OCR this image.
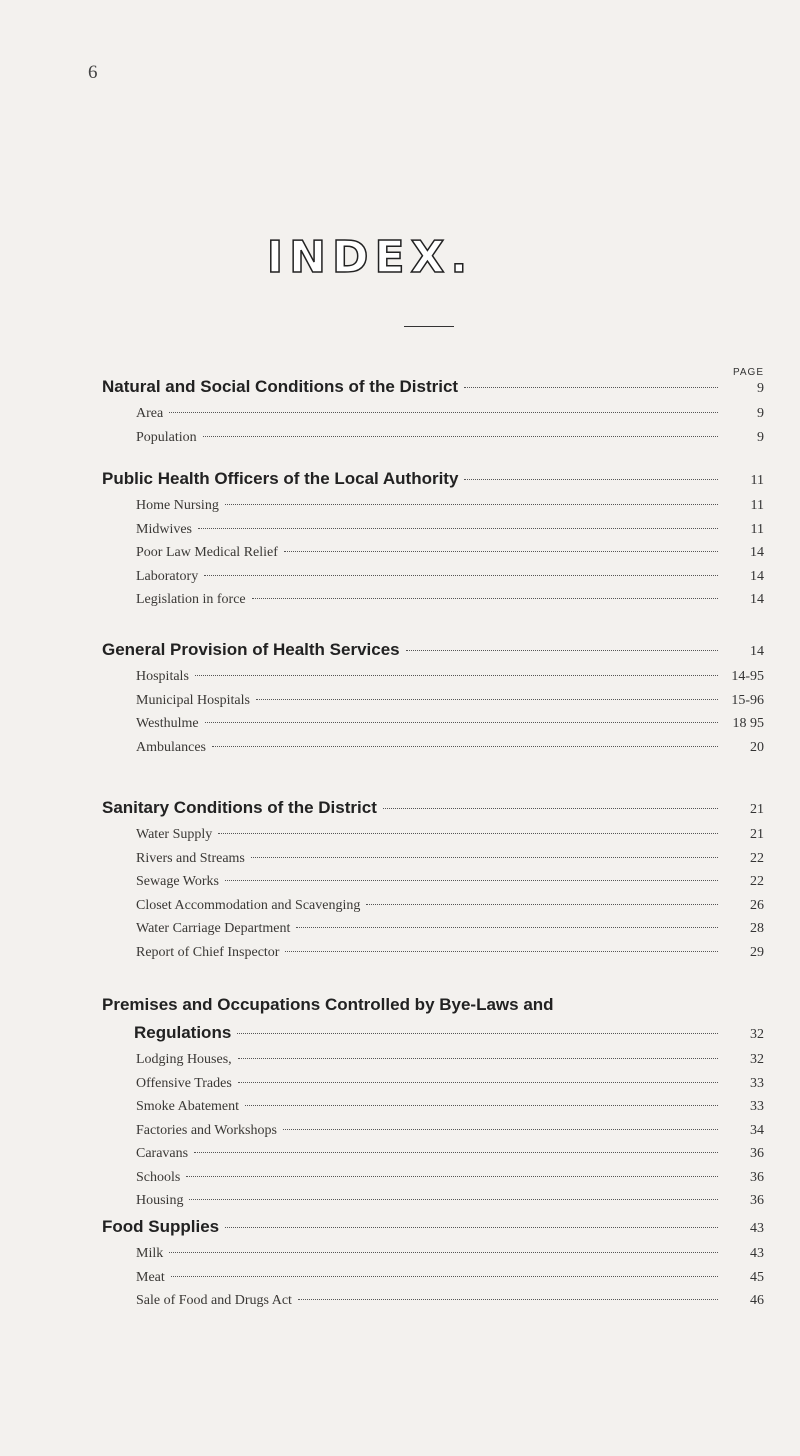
6
INDEX.
PAGE
Natural and Social Conditions of the District	9
Area	9
Population	9
Public Health Officers of the Local Authority	11
Home Nursing	11
Midwives	11
Poor Law Medical Relief	14
Laboratory	14
Legislation in force	14
General Provision of Health Services	14
Hospitals	14-95
Municipal Hospitals	15-96
Westhulme	18 95
Ambulances	20
Sanitary Conditions of the District	21
Water Supply	21
Rivers and Streams	22
Sewage Works	22
Closet Accommodation and Scavenging	26
Water Carriage Department	28
Report of Chief Inspector	29
Premises and Occupations Controlled by Bye-Laws and
Regulations	32
Lodging Houses,	32
Offensive Trades	33
Smoke Abatement	33
Factories and Workshops	34
Caravans	36
Schools	36
Housing	36
Food Supplies	43
Milk	43
Meat	45
Sale of Food and Drugs Act	46
